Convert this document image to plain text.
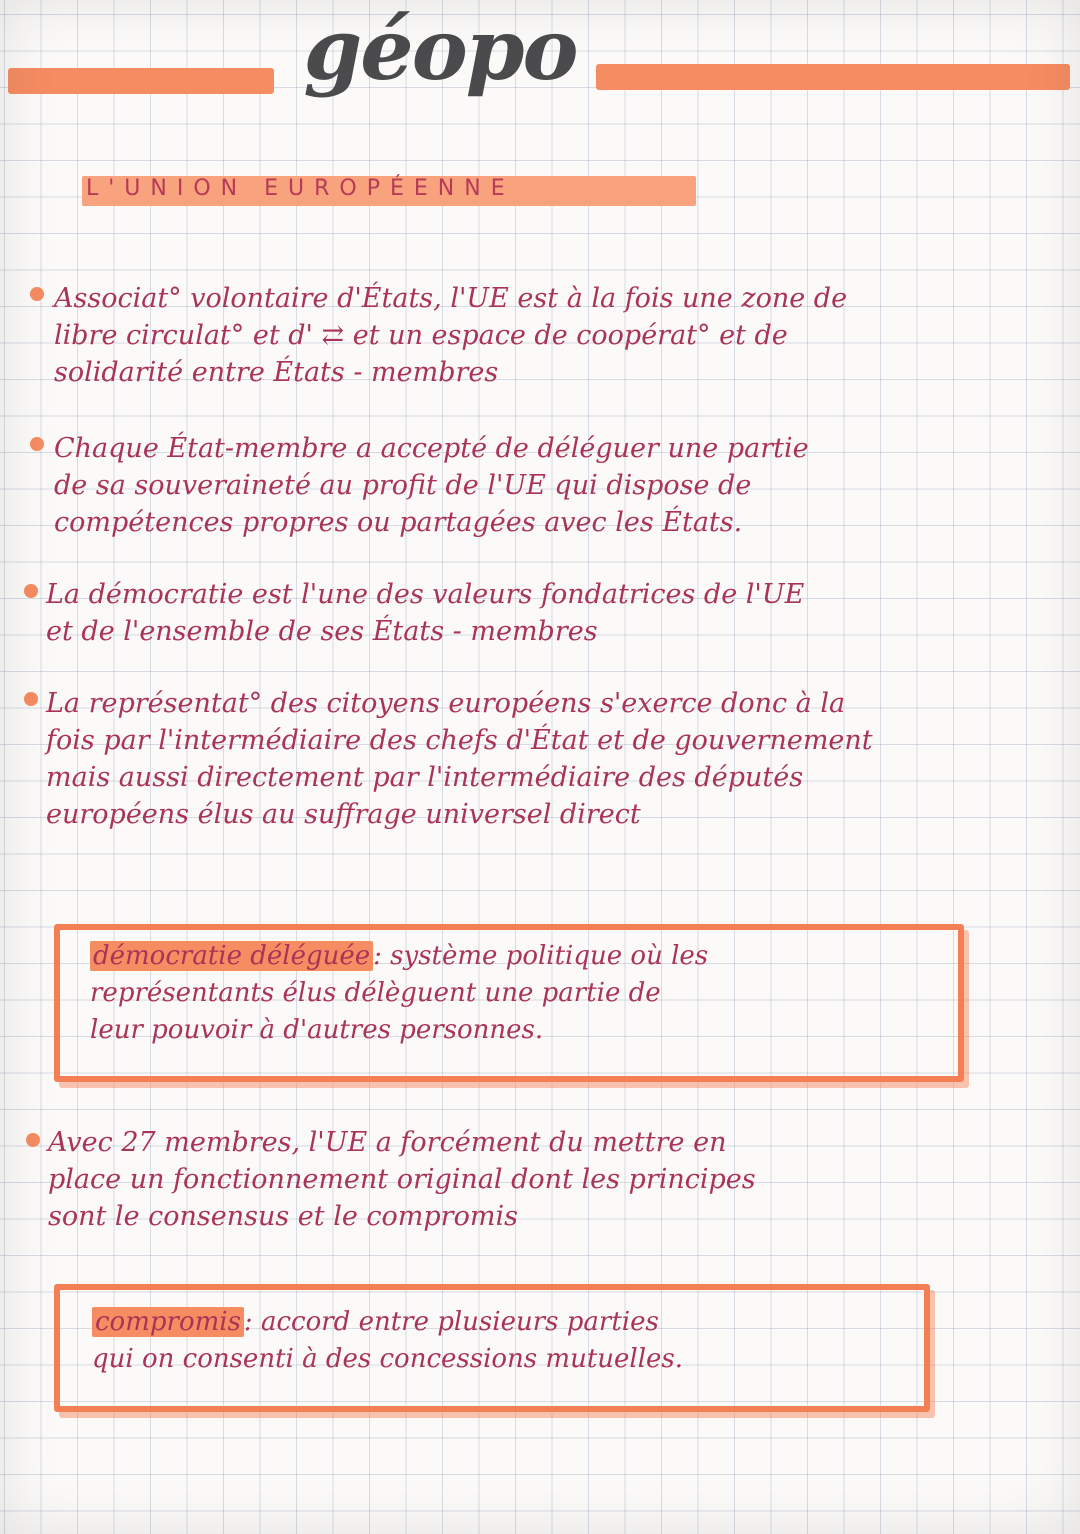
géopo
L'UNION EUROPÉENNE
Associat° volontaire d'États, l'UE est à la fois une zone de
libre circulat° et d' ⇄ et un espace de coopérat° et de
solidarité entre États - membres
Chaque État-membre a accepté de déléguer une partie
de sa souveraineté au profit de l'UE qui dispose de
compétences propres ou partagées avec les États.
La démocratie est l'une des valeurs fondatrices de l'UE
et de l'ensemble de ses États - membres
La représentat° des citoyens européens s'exerce donc à la
fois par l'intermédiaire des chefs d'État et de gouvernement
mais aussi directement par l'intermédiaire des députés
européens élus au suffrage universel direct
démocratie déléguée : système politique où les
représentants élus délèguent une partie de
leur pouvoir à d'autres personnes.
Avec 27 membres, l'UE a forcément du mettre en
place un fonctionnement original dont les principes
sont le consensus et le compromis
compromis : accord entre plusieurs parties
qui on consenti à des concessions mutuelles.
